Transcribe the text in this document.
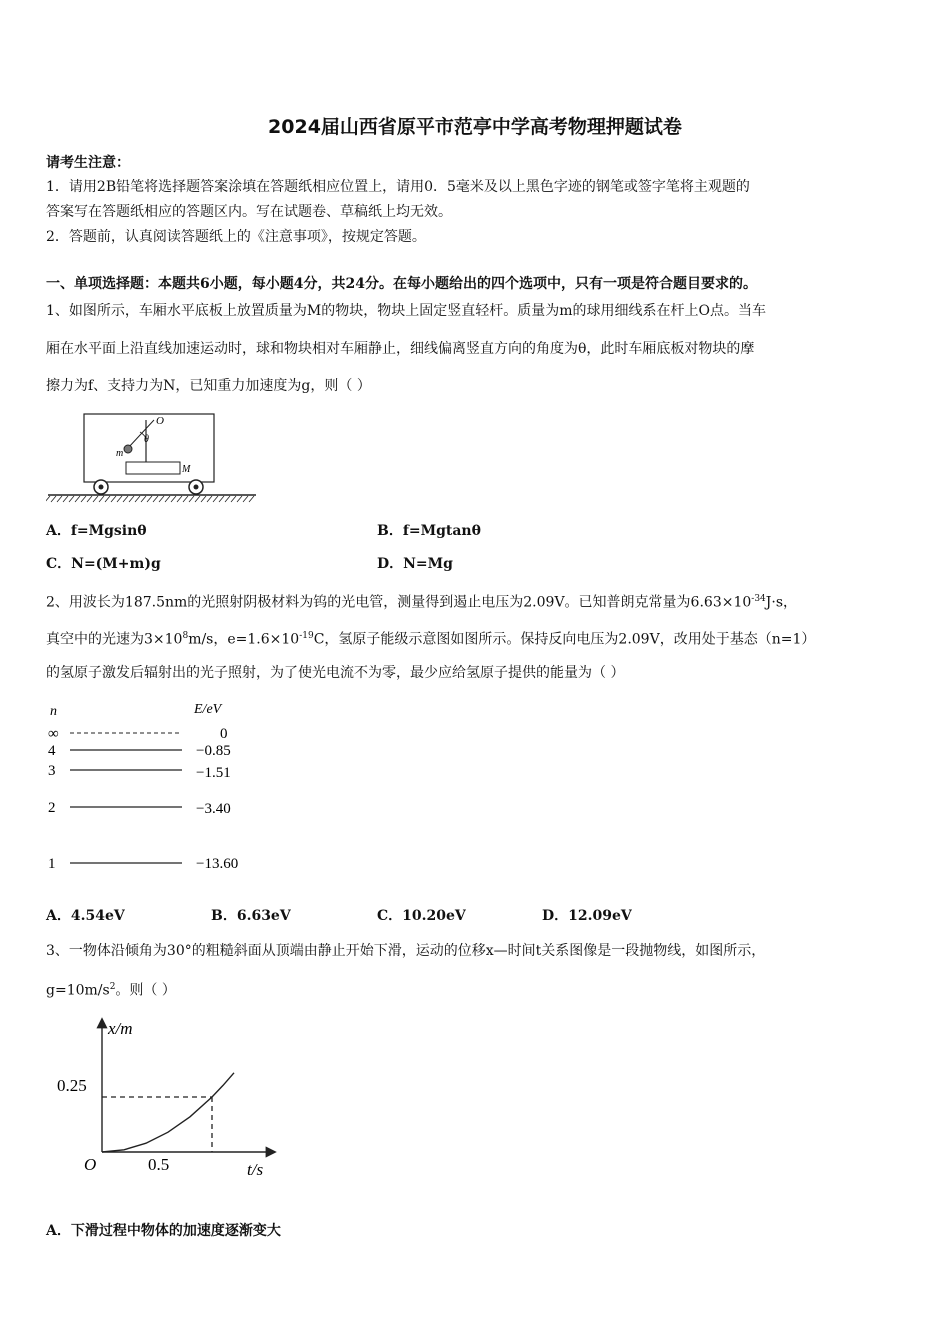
2024届山西省原平市范亭中学高考物理押题试卷
请考生注意：
1．请用2B铅笔将选择题答案涂填在答题纸相应位置上，请用0．5毫米及以上黑色字迹的钢笔或签字笔将主观题的
答案写在答题纸相应的答题区内。写在试题卷、草稿纸上均无效。
2．答题前，认真阅读答题纸上的《注意事项》，按规定答题。
一、单项选择题：本题共6小题，每小题4分，共24分。在每小题给出的四个选项中，只有一项是符合题目要求的。
1、如图所示，车厢水平底板上放置质量为M的物块，物块上固定竖直轻杆。质量为m的球用细线系在杆上O点。当车
厢在水平面上沿直线加速运动时，球和物块相对车厢静止，细线偏离竖直方向的角度为θ，此时车厢底板对物块的摩
擦力为f、支持力为N，已知重力加速度为g，则（ ）
O
θ
m
M
A．f=Mgsinθ	B．f=Mgtanθ
C．N=(M+m)g	D．N=Mg
2、用波长为187.5nm的光照射阴极材料为钨的光电管，测量得到遏止电压为2.09V。已知普朗克常量为$6.63\times 10^{-34}J\cdot s$，
真空中的光速为$3\times 10^8m/s$，$e=1.6\times 10^{-19}C$，氢原子能级示意图如图所示。保持反向电压为2.09V，改用处于基态（n=1）
的氢原子激发后辐射出的光子照射，为了使光电流不为零，最少应给氢原子提供的能量为（ ）
n	E/eV
∞
4
3
2
1
0
−0.85
−1.51
−3.40
−13.60
A．4.54eV	B．6.63eV	C．10.20eV	D．12.09eV
3、一物体沿倾角为30°的粗糙斜面从顶端由静止开始下滑，运动的位移x—时间t关系图像是一段抛物线，如图所示，
$g=10m/s^2$。则（ ）
x/m
t/s
O
0.25
0.5
A．下滑过程中物体的加速度逐渐变大
